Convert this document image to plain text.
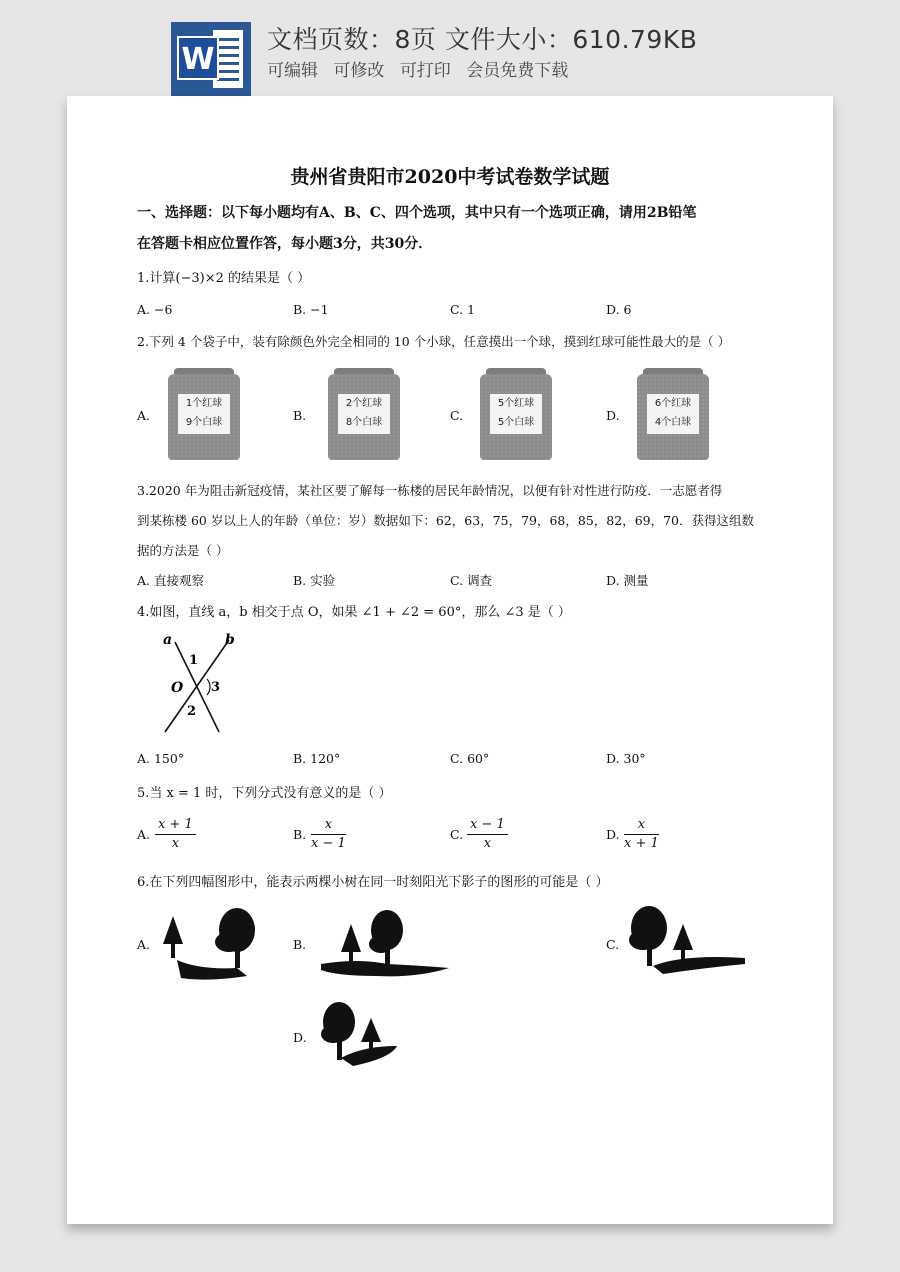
W
文档页数：8页 文件大小：610.79KB
可编辑 可修改 可打印 会员免费下载
贵州省贵阳市2020中考试卷数学试题
一、选择题：以下每小题均有A、B、C、四个选项，其中只有一个选项正确，请用2B铅笔
在答题卡相应位置作答，每小题3分，共30分．
1.计算(−3)×2 的结果是（ ）
A. −6	B. −1	C. 1	D. 6
2.下列 4 个袋子中，装有除颜色外完全相同的 10 个小球，任意摸出一个球，摸到红球可能性最大的是（ ）
A.
1个红球
9个白球	B.
2个红球
8个白球	C.
5个红球
5个白球	D.
6个红球
4个白球
3.2020 年为阻击新冠疫情，某社区要了解每一栋楼的居民年龄情况，以便有针对性进行防疫．一志愿者得
到某栋楼 60 岁以上人的年龄（单位：岁）数据如下：62，63，75，79，68，85，82，69，70．获得这组数
据的方法是（ ）
A. 直接观察	B. 实验	C. 调查	D. 测量
4.如图，直线 a，b 相交于点 O，如果 ∠1 + ∠2 = 60°，那么 ∠3 是（ ）
a	b
1
O 3
2
A. 150°	B. 120°	C. 60°	D. 30°
5.当 x = 1 时，下列分式没有意义的是（ ）
A. $\frac{x + 1}{x}$	B. $\frac{x}{x - 1}$	C. $\frac{x - 1}{x}$	D. $\frac{x}{x + 1}$
6.在下列四幅图形中，能表示两棵小树在同一时刻阳光下影子的图形的可能是（ ）
A.	B.	C.
D.
